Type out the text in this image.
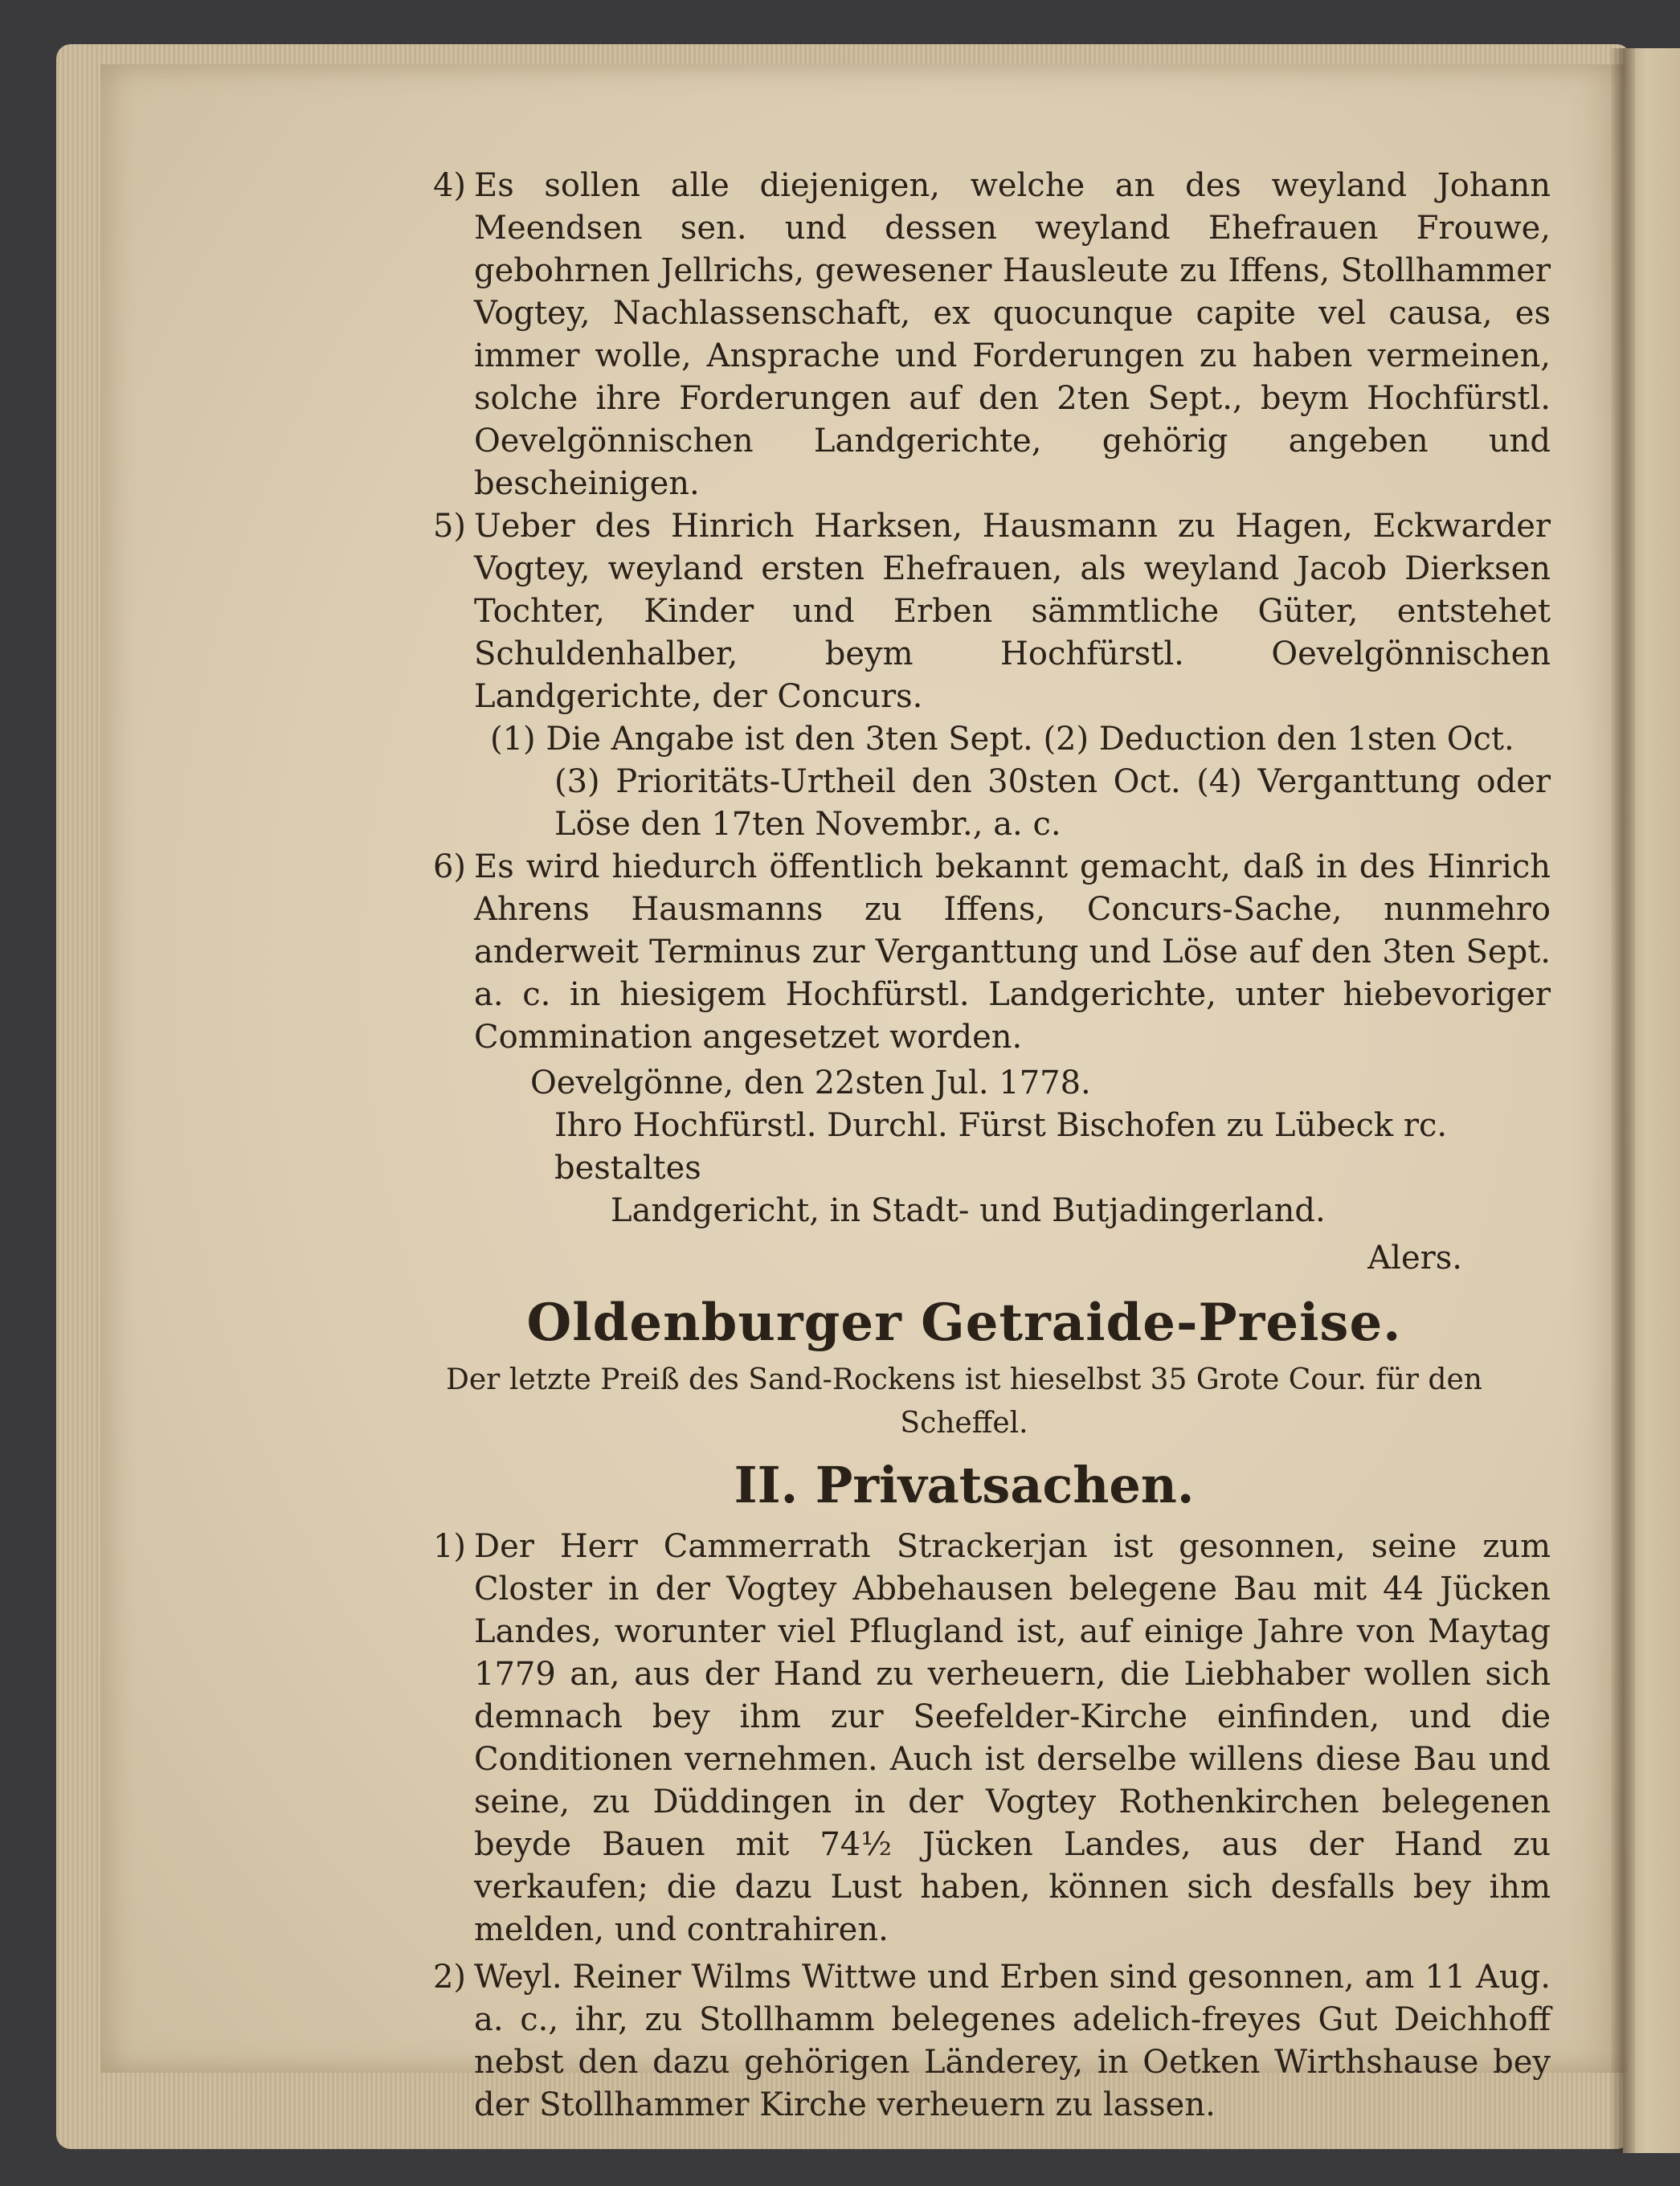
4) Es sollen alle diejenigen, welche an des weyland Johann Meendsen sen. und dessen weyland Ehefrauen Frouwe, gebohrnen Jellrichs, gewesener Hausleute zu Iffens, Stollhammer Vogtey, Nachlassenschaft, ex quocunque capite vel causa, es immer wolle, Ansprache und Forderungen zu haben vermeinen, solche ihre Forderungen auf den 2ten Sept., beym Hochfürstl. Oevelgönnischen Landgerichte, gehörig angeben und bescheinigen.
5) Ueber des Hinrich Harksen, Hausmann zu Hagen, Eckwarder Vogtey, weyland ersten Ehefrauen, als weyland Jacob Dierksen Tochter, Kinder und Erben sämmtliche Güter, entstehet Schuldenhalber, beym Hochfürstl. Oevelgönnischen Landgerichte, der Concurs.
(1) Die Angabe ist den 3ten Sept. (2) Deduction den 1sten Oct.
(3) Prioritäts-Urtheil den 30sten Oct. (4) Verganttung oder Löse den 17ten Novembr., a. c.
6) Es wird hiedurch öffentlich bekannt gemacht, daß in des Hinrich Ahrens Hausmanns zu Iffens, Concurs-Sache, nunmehro anderweit Terminus zur Verganttung und Löse auf den 3ten Sept. a. c. in hiesigem Hochfürstl. Landgerichte, unter hiebevoriger Commination angesetzet worden.
Oevelgönne, den 22sten Jul. 1778.
Ihro Hochfürstl. Durchl. Fürst Bischofen zu Lübeck rc. bestaltes
Landgericht, in Stadt- und Butjadingerland.
Alers.
Oldenburger Getraide-Preise.
Der letzte Preiß des Sand-Rockens ist hieselbst 35 Grote Cour. für den Scheffel.
II. Privatsachen.
1) Der Herr Cammerrath Strackerjan ist gesonnen, seine zum Closter in der Vogtey Abbehausen belegene Bau mit 44 Jücken Landes, worunter viel Pflugland ist, auf einige Jahre von Maytag 1779 an, aus der Hand zu verheuern, die Liebhaber wollen sich demnach bey ihm zur Seefelder-Kirche einfinden, und die Conditionen vernehmen. Auch ist derselbe willens diese Bau und seine, zu Düddingen in der Vogtey Rothenkirchen belegenen beyde Bauen mit 74½ Jücken Landes, aus der Hand zu verkaufen; die dazu Lust haben, können sich desfalls bey ihm melden, und contrahiren.
2) Weyl. Reiner Wilms Wittwe und Erben sind gesonnen, am 11 Aug. a. c., ihr, zu Stollhamm belegenes adelich-freyes Gut Deichhoff nebst den dazu gehörigen Länderey, in Oetken Wirthshause bey der Stollhammer Kirche verheuern zu lassen.
